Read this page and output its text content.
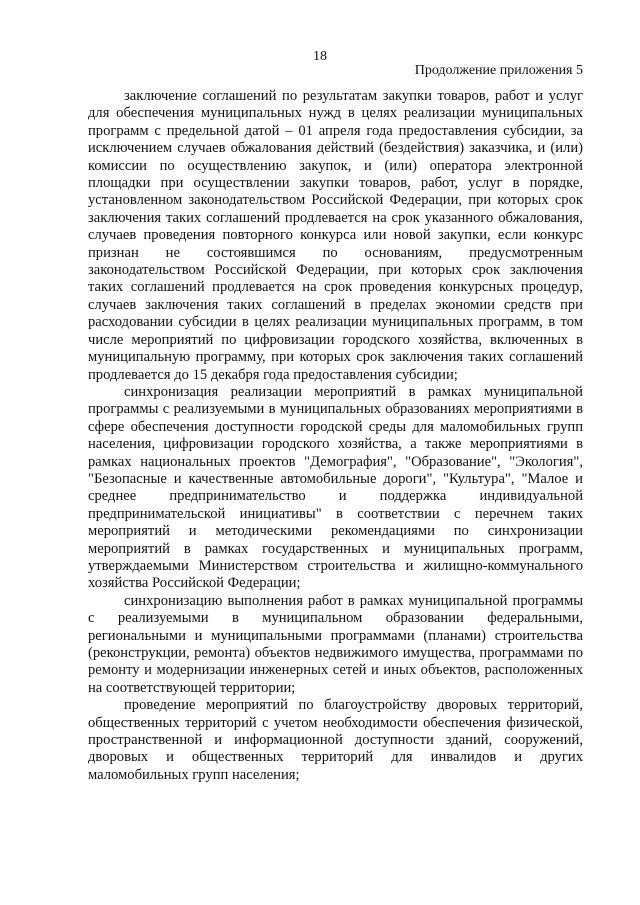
18
Продолжение приложения 5

заключение соглашений по результатам закупки товаров, работ и услуг для обеспечения муниципальных нужд в целях реализации муниципальных программ с предельной датой – 01 апреля года предоставления субсидии, за исключением случаев обжалования действий (бездействия) заказчика, и (или) комиссии по осуществлению закупок, и (или) оператора электронной площадки при осуществлении закупки товаров, работ, услуг в порядке, установленном законодательством Российской Федерации, при которых срок заключения таких соглашений продлевается на срок указанного обжалования, случаев проведения повторного конкурса или новой закупки, если конкурс признан не состоявшимся по основаниям, предусмотренным законодательством Российской Федерации, при которых срок заключения таких соглашений продлевается на срок проведения конкурсных процедур, случаев заключения таких соглашений в пределах экономии средств при расходовании субсидии в целях реализации муниципальных программ, в том числе мероприятий по цифровизации городского хозяйства, включенных в муниципальную программу, при которых срок заключения таких соглашений продлевается до 15 декабря года предоставления субсидии;

синхронизация реализации мероприятий в рамках муниципальной программы с реализуемыми в муниципальных образованиях мероприятиями в сфере обеспечения доступности городской среды для маломобильных групп населения, цифровизации городского хозяйства, а также мероприятиями в рамках национальных проектов "Демография", "Образование", "Экология", "Безопасные и качественные автомобильные дороги", "Культура", "Малое и среднее предпринимательство и поддержка индивидуальной предпринимательской инициативы" в соответствии с перечнем таких мероприятий и методическими рекомендациями по синхронизации мероприятий в рамках государственных и муниципальных программ, утверждаемыми Министерством строительства и жилищно-коммунального хозяйства Российской Федерации;

синхронизацию выполнения работ в рамках муниципальной программы с реализуемыми в муниципальном образовании федеральными, региональными и муниципальными программами (планами) строительства (реконструкции, ремонта) объектов недвижимого имущества, программами по ремонту и модернизации инженерных сетей и иных объектов, расположенных на соответствующей территории;

проведение мероприятий по благоустройству дворовых территорий, общественных территорий с учетом необходимости обеспечения физической, пространственной и информационной доступности зданий, сооружений, дворовых и общественных территорий для инвалидов и других маломобильных групп населения;
